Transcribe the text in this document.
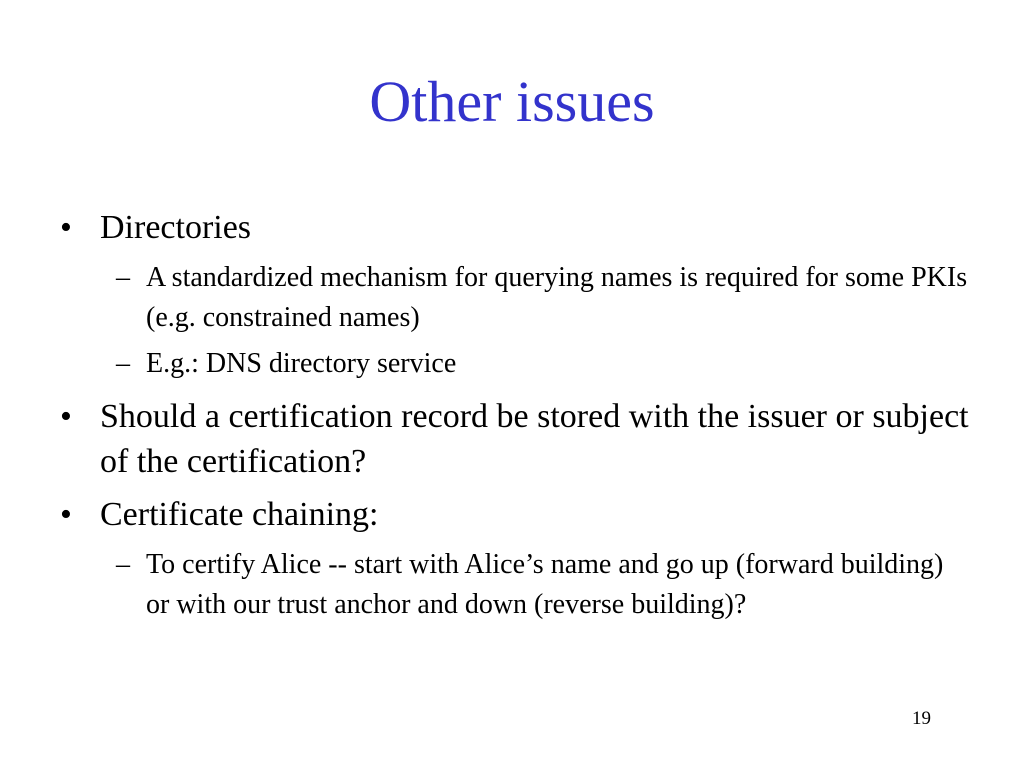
Other issues
• Directories
– A standardized mechanism for querying names is required for some PKIs (e.g. constrained names)
– E.g.: DNS directory service
• Should a certification record be stored with the issuer or subject of the certification?
• Certificate chaining:
– To certify Alice -- start with Alice’s name and go up (forward building) or with our trust anchor and down (reverse building)?
19
